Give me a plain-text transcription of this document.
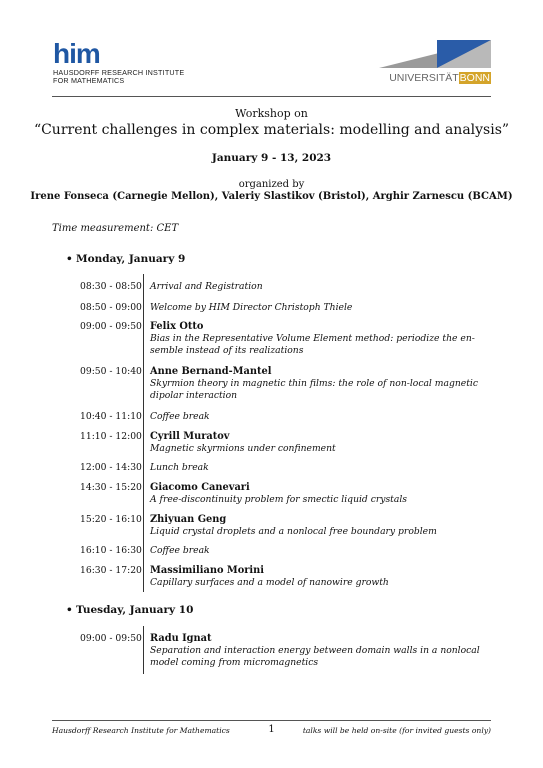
him
HAUSDORFF RESEARCH INSTITUTE
FOR MATHEMATICS	UNIVERSITÄTBONN
Workshop on
“Current challenges in complex materials: modelling and analysis”
January 9 - 13, 2023
organized by
Irene Fonseca (Carnegie Mellon), Valeriy Slastikov (Bristol), Arghir Zarnescu (BCAM)
Time measurement: CET
• Monday, January 9
08:30 - 08:50 Arrival and Registration
08:50 - 09:00 Welcome by HIM Director Christoph Thiele
09:00 - 09:50 Felix Otto
Bias in the Representative Volume Element method: periodize the en-
semble instead of its realizations
09:50 - 10:40 Anne Bernand-Mantel
Skyrmion theory in magnetic thin films: the role of non-local magnetic
dipolar interaction
10:40 - 11:10 Coffee break
11:10 - 12:00 Cyrill Muratov
Magnetic skyrmions under confinement
12:00 - 14:30 Lunch break
14:30 - 15:20 Giacomo Canevari
A free-discontinuity problem for smectic liquid crystals
15:20 - 16:10 Zhiyuan Geng
Liquid crystal droplets and a nonlocal free boundary problem
16:10 - 16:30 Coffee break
16:30 - 17:20 Massimiliano Morini
Capillary surfaces and a model of nanowire growth
• Tuesday, January 10
09:00 - 09:50 Radu Ignat
Separation and interaction energy between domain walls in a nonlocal
model coming from micromagnetics
Hausdorff Research Institute for Mathematics	1	talks will be held on-site (for invited guests only)
